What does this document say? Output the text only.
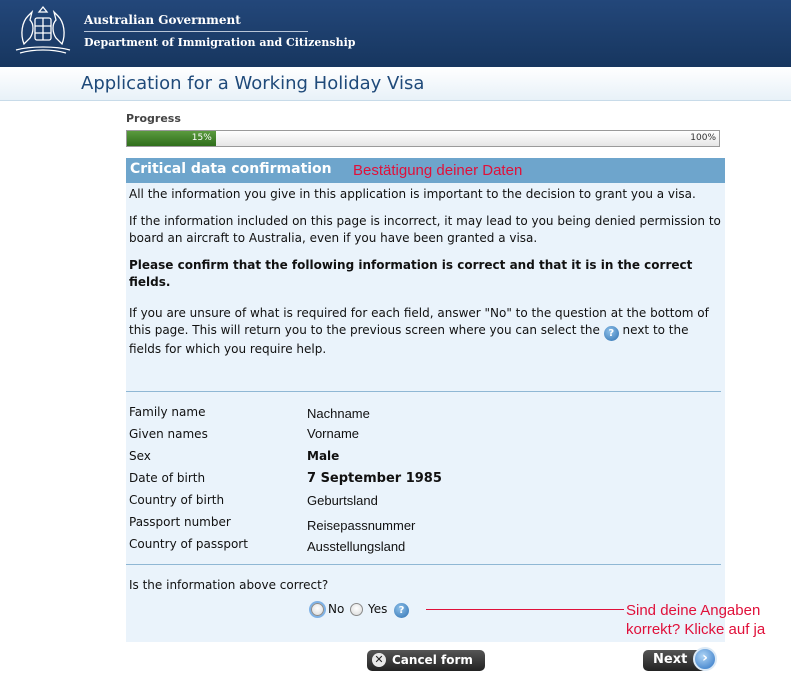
Australian Government
Department of Immigration and Citizenship
Application for a Working Holiday Visa
Progress
15%	100%
Critical data confirmation Bestätigung deiner Daten
All the information you give in this application is important to the decision to grant you a visa.
If the information included on this page is incorrect, it may lead to you being denied permission to board an aircraft to Australia, even if you have been granted a visa.
Please confirm that the following information is correct and that it is in the correct fields.
If you are unsure of what is required for each field, answer "No" to the question at the bottom of this page. This will return you to the previous screen where you can select the ? next to the fields for which you require help.
Family name	Nachname
Given names	Vorname
Sex	Male
Date of birth	7 September 1985
Country of birth	Geburtsland
Passport number	Reisepassnummer
Country of passport	Ausstellungsland
Is the information above correct?
No Yes	?	Sind deine Angaben korrekt? Klicke auf ja
✕ Cancel form	Next	›
